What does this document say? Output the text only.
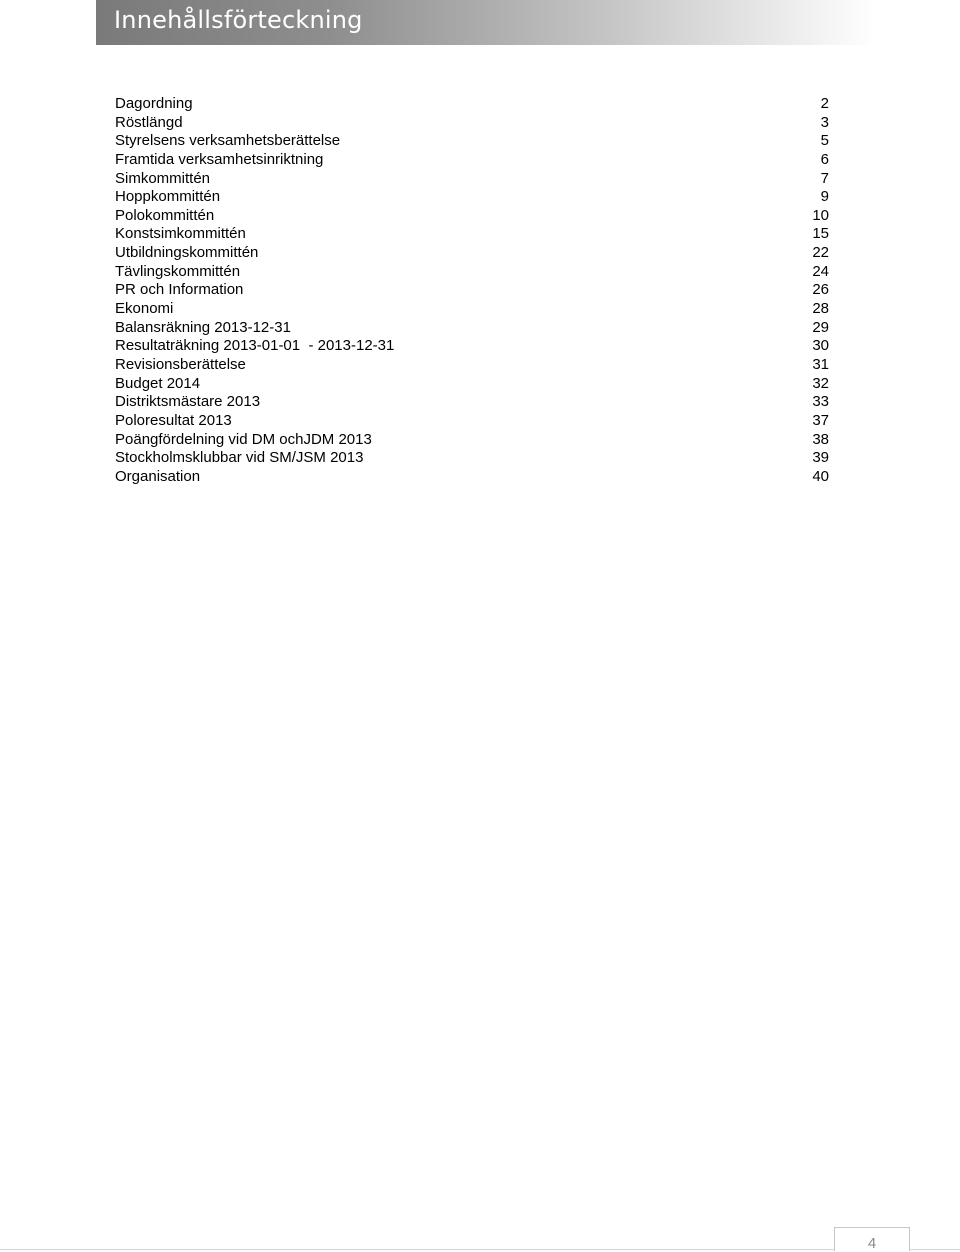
Innehållsförteckning
Dagordning	2
Röstlängd	3
Styrelsens verksamhetsberättelse	5
Framtida verksamhetsinriktning	6
Simkommittén	7
Hoppkommittén	9
Polokommittén	10
Konstsimkommittén	15
Utbildningskommittén	22
Tävlingskommittén	24
PR och Information	26
Ekonomi	28
Balansräkning 2013-12-31	29
Resultaträkning 2013-01-01  - 2013-12-31	30
Revisionsberättelse	31
Budget 2014	32
Distriktsmästare 2013	33
Poloresultat 2013	37
Poängfördelning vid DM ochJDM 2013	38
Stockholmsklubbar vid SM/JSM 2013	39
Organisation	40
4
